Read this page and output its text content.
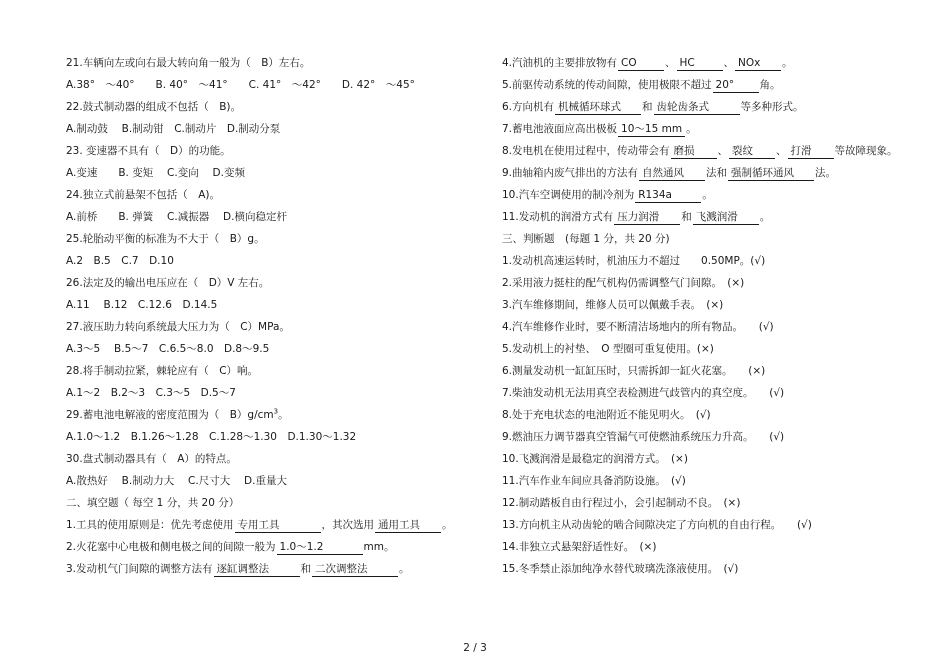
21.车辆向左或向右最大转向角一般为（　B）左右。
A.38°　～40°　　B. 40°　～41°　　C. 41°　～42°　　D. 42°　～45°
22.鼓式制动器的组成不包括（　B)。
A.制动鼓　 B.制动钳　C.制动片　D.制动分泵
23. 变速器不具有（　D）的功能。
A.变速　　B. 变矩　 C.变向　 D.变频
24.独立式前悬架不包括（　A)。
A.前桥　　B. 弹簧　 C.减振器　 D.横向稳定杆
25.轮胎动平衡的标准为不大于（　B）g。
A.2　B.5　C.7　D.10
26.法定及的输出电压应在（　D）V 左右。
A.11　 B.12　C.12.6　D.14.5
27.液压助力转向系统最大压力为（　C）MPa。
A.3～5　 B.5～7　C.6.5～8.0　D.8～9.5
28.将手制动拉紧，棘轮应有（　C）响。
A.1～2　B.2～3　C.3～5　D.5～7
29.蓄电池电解液的密度范围为（　$B)g/cm^3$。
A.1.0～1.2　B.1.26～1.28　C.1.28～1.30　D.1.30～1.32
30.盘式制动器具有（　A）的特点。
A.散热好　 B.制动力大　 C.尺寸大　 D.重量大
二、填空题（ 每空 1 分，共 20 分）
1.工具的使用原则是：优先考虑使用 专用工具	，其次选用 通用工具 。
2.火花塞中心电极和侧电极之间的间隙一般为 1.0～1.2	mm。
3.发动机气门间隙的调整方法有 逐缸调整法	和 二次调整法	。
4.汽油机的主要排放物有 CO	、 HC	、 NOx 。
5.前驱传动系统的传动间隙，使用极限不超过 20° 角。
6.方向机有 机械循环球式 和 齿轮齿条式	等多种形式。
7.蓄电池液面应高出极板 10～15 mm 。
8.发电机在使用过程中，传动带会有 磨损 、 裂纹 、 打滑 等故障现象。
9.曲轴箱内废气排出的方法有 自然通风 法和 强制循环通风 法。
10.汽车空调使用的制冷剂为 R134a	。
11.发动机的润滑方式有 压力润滑 和 飞溅润滑 。
三、判断题　(每题 1 分，共 20 分)
1.发动机高速运转时，机油压力不超过　　0.50MP。(√)
2.采用液力挺柱的配气机构仍需调整气门间隙。　(×)
3.汽车维修期间，维修人员可以佩戴手表。　(×)
4.汽车维修作业时，要不断清洁场地内的所有物品。　　(√)
5.发动机上的衬垫、　O 型圈可重复使用。(×)
6.测量发动机一缸缸压时，只需拆卸一缸火花塞。　　(×)
7.柴油发动机无法用真空表检测进气歧管内的真空度。　　(√)
8.处于充电状态的电池附近不能见明火。　(√)
9.燃油压力调节器真空管漏气可使燃油系统压力升高。　　(√)
10.飞溅润滑是最稳定的润滑方式。　(×)
11.汽车作业车间应具备消防设施。　(√)
12.制动踏板自由行程过小，会引起制动不良。　(×)
13.方向机主从动齿轮的啮合间隙决定了方向机的自由行程。　　(√)
14.非独立式悬架舒适性好。　(×)
15.冬季禁止添加纯净水替代玻璃洗涤液使用。　(√)
2 / 3
